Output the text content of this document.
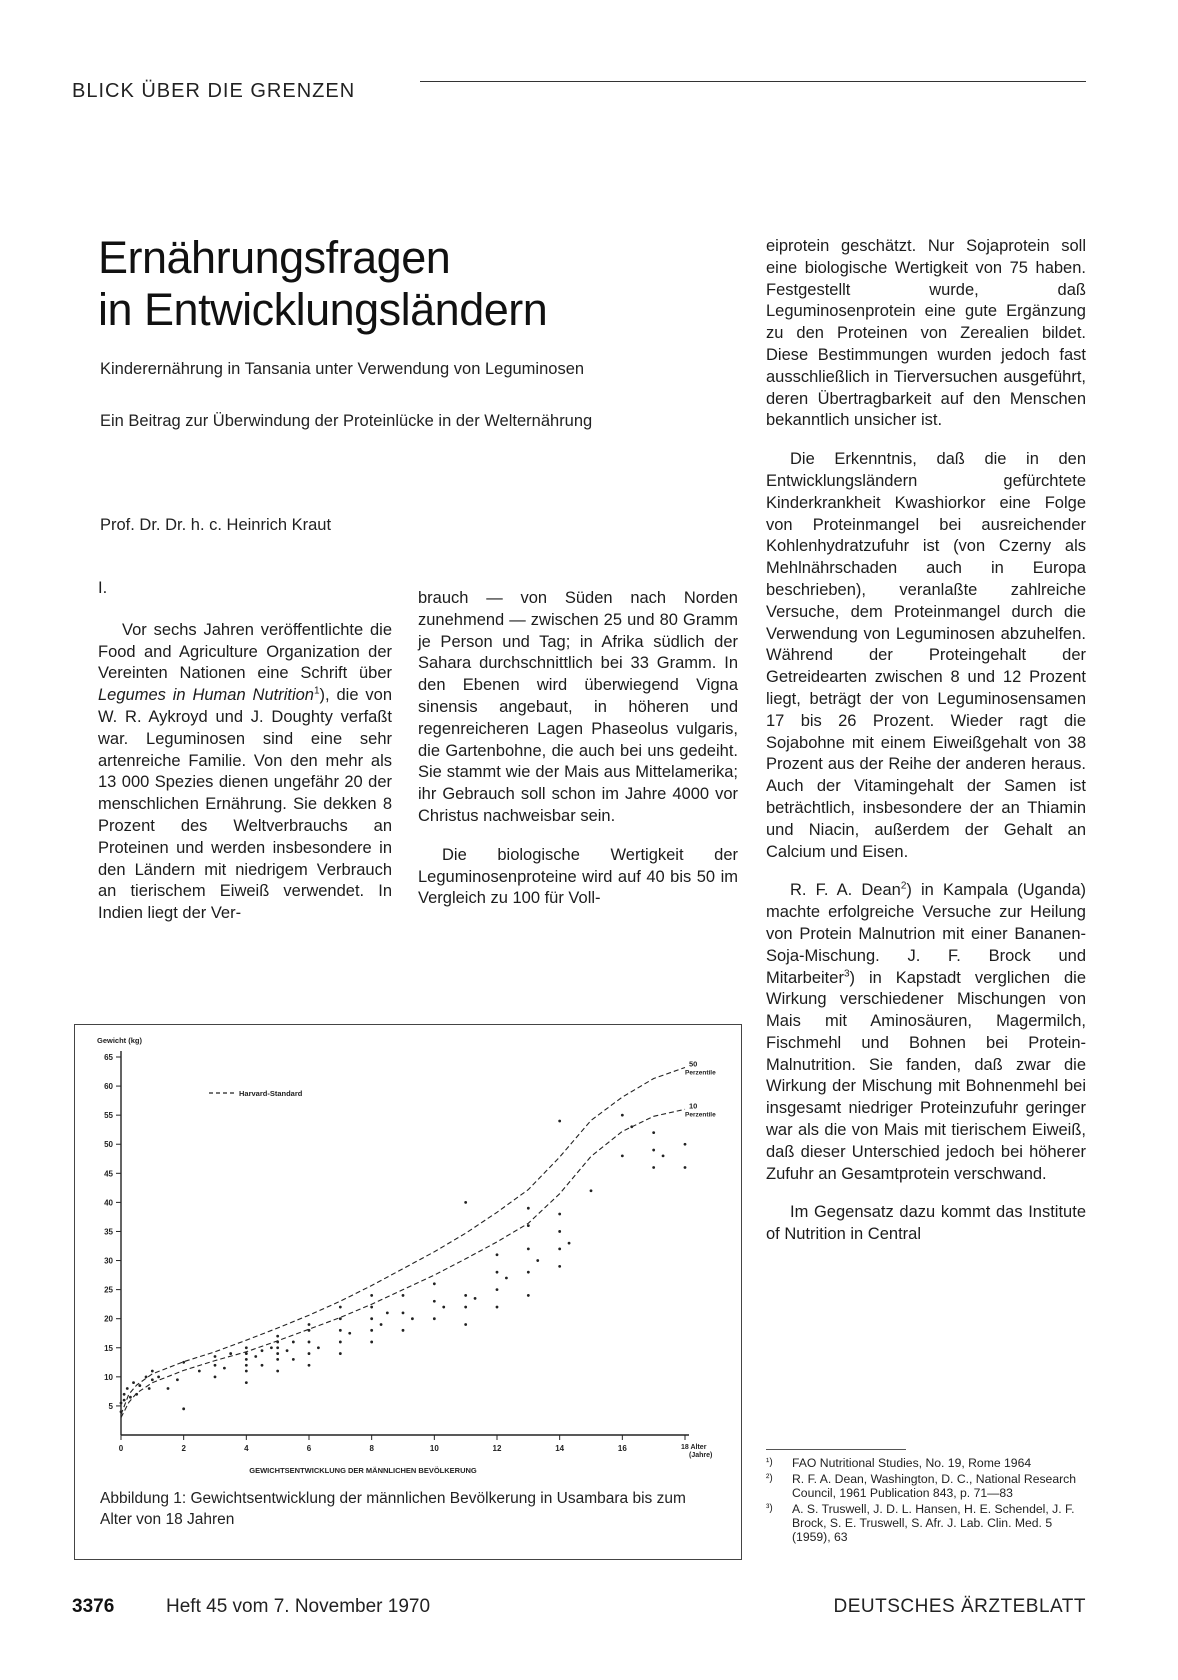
BLICK ÜBER DIE GRENZEN
Ernährungsfragen
in Entwicklungsländern
Kinderernährung in Tansania unter Verwendung von Leguminosen
Ein Beitrag zur Überwindung der Proteinlücke in der Welternährung
Prof. Dr. Dr. h. c. Heinrich Kraut
I.

Vor sechs Jahren veröffentlichte die Food and Agriculture Organization der Vereinten Nationen eine Schrift über Legumes in Human Nutrition$^1$), die von W. R. Aykroyd und J. Doughty verfaßt war. Leguminosen sind eine sehr artenreiche Familie. Von den mehr als 13 000 Spezies dienen ungefähr 20 der menschlichen Ernährung. Sie dekken 8 Prozent des Weltverbrauchs an Proteinen und werden insbesondere in den Ländern mit niedrigem Verbrauch an tierischem Eiweiß verwendet. In Indien liegt der Ver-

brauch — von Süden nach Norden zunehmend — zwischen 25 und 80 Gramm je Person und Tag; in Afrika südlich der Sahara durchschnittlich bei 33 Gramm. In den Ebenen wird überwiegend Vigna sinensis angebaut, in höheren und regenreicheren Lagen Phaseolus vulgaris, die Gartenbohne, die auch bei uns gedeiht. Sie stammt wie der Mais aus Mittelamerika; ihr Gebrauch soll schon im Jahre 4000 vor Christus nachweisbar sein.

Die biologische Wertigkeit der Leguminosenproteine wird auf 40 bis 50 im Vergleich zu 100 für Voll-

eiprotein geschätzt. Nur Sojaprotein soll eine biologische Wertigkeit von 75 haben. Festgestellt wurde, daß Leguminosenprotein eine gute Ergänzung zu den Proteinen von Zerealien bildet. Diese Bestimmungen wurden jedoch fast ausschließlich in Tierversuchen ausgeführt, deren Übertragbarkeit auf den Menschen bekanntlich unsicher ist.

Die Erkenntnis, daß die in den Entwicklungsländern gefürchtete Kinderkrankheit Kwashiorkor eine Folge von Proteinmangel bei ausreichender Kohlenhydratzufuhr ist (von Czerny als Mehlnährschaden auch in Europa beschrieben), veranlaßte zahlreiche Versuche, dem Proteinmangel durch die Verwendung von Leguminosen abzuhelfen. Während der Proteingehalt der Getreidearten zwischen 8 und 12 Prozent liegt, beträgt der von Leguminosensamen 17 bis 26 Prozent. Wieder ragt die Sojabohne mit einem Eiweißgehalt von 38 Prozent aus der Reihe der anderen heraus. Auch der Vitamingehalt der Samen ist beträchtlich, insbesondere der an Thiamin und Niacin, außerdem der Gehalt an Calcium und Eisen.

R. F. A. Dean$^2$) in Kampala (Uganda) machte erfolgreiche Versuche zur Heilung von Protein Malnutrion mit einer Bananen-Soja-Mischung. J. F. Brock und Mitarbeiter$^3$) in Kapstadt verglichen die Wirkung verschiedener Mischungen von Mais mit Aminosäuren, Magermilch, Fischmehl und Bohnen bei Protein-Malnutrition. Sie fanden, daß zwar die Wirkung der Mischung mit Bohnenmehl bei insgesamt niedriger Proteinzufuhr geringer war als die von Mais mit tierischem Eiweiß, daß dieser Unterschied jedoch bei höherer Zufuhr an Gesamtprotein verschwand.

Im Gegensatz dazu kommt das Institute of Nutrition in Central

5
10
15
20
25
30
35
40
45
50
55
60
65
0	2	4	6	8	10	12	14	16	18 Alter
(Jahre)
Gewicht (kg)
GEWICHTSENTWICKLUNG DER MÄNNLICHEN BEVÖLKERUNG
Harvard-Standard
50
Perzentile
10
Perzentile
Abbildung 1: Gewichtsentwicklung der männlichen Bevölkerung in Usambara bis zum Alter von 18 Jahren
¹) FAO Nutritional Studies, No. 19, Rome 1964
²) R. F. A. Dean, Washington, D. C., National Research Council, 1961 Publication 843, p. 71—83
³) A. S. Truswell, J. D. L. Hansen, H. E. Schendel, J. F. Brock, S. E. Truswell, S. Afr. J. Lab. Clin. Med. 5 (1959), 63
3376	Heft 45 vom 7. November 1970	DEUTSCHES ÄRZTEBLATT
